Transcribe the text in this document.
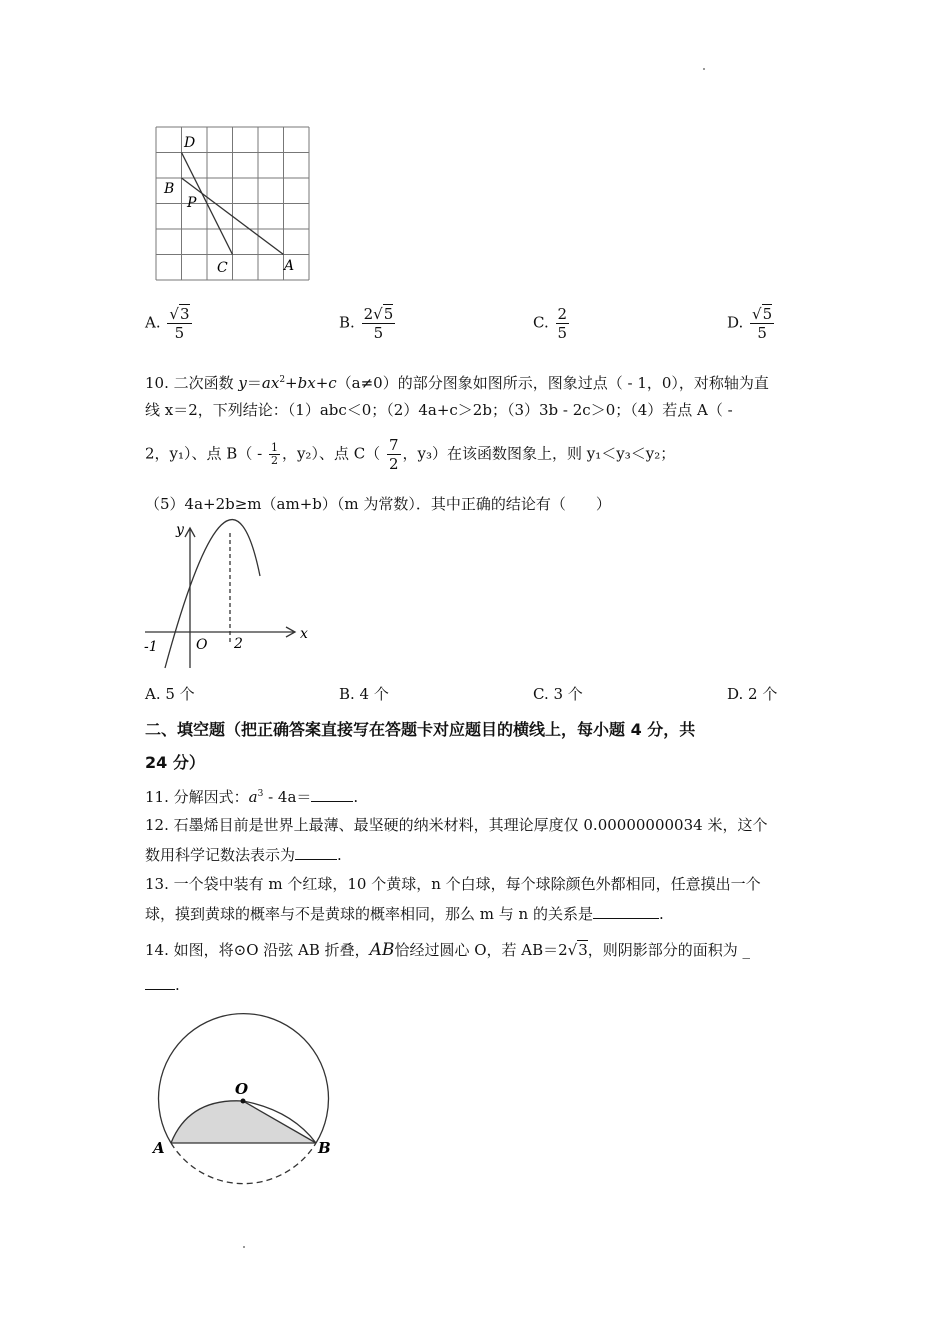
D
B
P
C	A
A. $\frac{√3}{5}$	B. $\frac{2√5}{5}$	C. $\frac{2}{5}$	D. $\frac{√5}{5}$
10. 二次函数 $y=ax^2+bx+c(a\ne 0)$的部分图象如图所示，图象过点（ - 1，0），对称轴为直
线 x＝2，下列结论：（1）abc＜0；（2）4a+c＞2b；（3）3b - 2c＞0；（4）若点 A（ -
2，y₁）、点 $B( - \frac{1}{2}$ ，y₂）、点 $C( \frac{7}{2}$ ，y₃）在该函数图象上，则 y₁＜y₃＜y₂；
（5）4a+2b≥m（am+b）（m 为常数）．其中正确的结论有（　　）
y
x
O
-1	2
A. 5 个	B. 4 个	C. 3 个	D. 2 个
二、填空题（把正确答案直接写在答题卡对应题目的横线上，每小题 4 分，共
24 分）
11. 分解因式：$a^3 - 4a=$	.
12. 石墨烯目前是世界上最薄、最坚硬的纳米材料，其理论厚度仅 0.00000000034 米，这个
数用科学记数法表示为	.
13. 一个袋中装有 m 个红球，10 个黄球，n 个白球，每个球除颜色外都相同，任意摸出一个
球，摸到黄球的概率与不是黄球的概率相同，那么 m 与 n 的关系是	.
14. 如图，将⊙O 沿弦 AB 折叠，AB恰经过圆心 O，若 AB＝2√3，则阴影部分的面积为 _
.
O
A	B
